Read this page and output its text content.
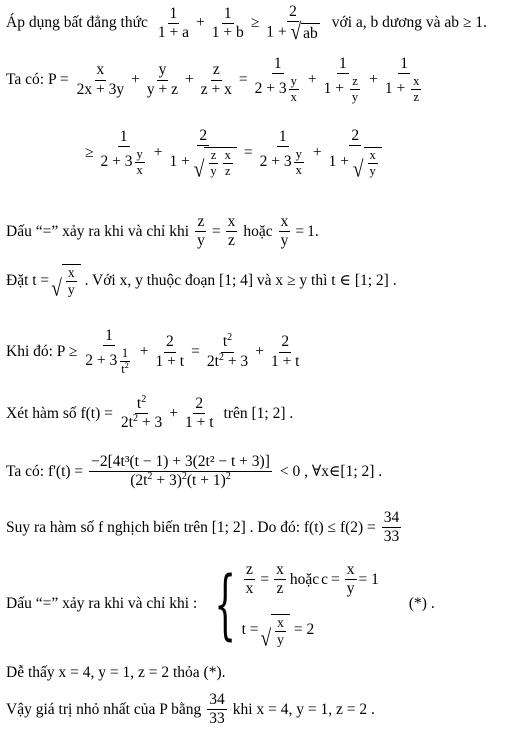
Áp dụng bất đẳng thức $\frac{1}{1 + a} + \frac{1}{1 + b} \ge \frac{2}{1 + √ ab}$ với a, b dương và ab ≥ 1.
Ta có: $P = \frac{x}{2x + 3y} + \frac{y}{y + z} + \frac{z}{z + x} = \frac{1}{2 + 3 \frac{y}{x}} + \frac{1}{1 + \frac{z}{y}} + \frac{1}{1 + \frac{x}{z}}$
≥ $\frac{1}{2 + 3 \frac{y}{x}} + \frac{2}{1 + √ \frac{z}{y} \frac{x}{z}} = \frac{1}{2 + 3 \frac{y}{x}} + \frac{2}{1 + √ \frac{x}{y}}$
Dấu “=” xảy ra khi và chỉ khi $\frac{z}{y} = \frac{x}{z}$ hoặc $\frac{x}{y} = 1$.
Đặt t = √ $\frac{x}{y}$ . Với x, y thuộc đoạn [1; 4] và x ≥ y thì t ∈ [1; 2] .
Khi đó: $P \ge \frac{1}{2 + 3 \frac{1}{t^2}} + \frac{2}{1 + t} = \frac{t^2}{2t^2 + 3} + \frac{2}{1 + t}$
Xét hàm số $f(t) = \frac{t^2}{2t^2 + 3} + \frac{2}{1 + t}$ trên [1; 2] .
Ta có: $f'(t) = \frac{\text{−2[4t³(t − 1) + 3(2t² − t + 3)]}}{(2t^2 + 3)^2(t + 1)^2} < 0$ , ∀x∈[1; 2] .
Suy ra hàm số f nghịch biến trên [1; 2] . Do đó: $f(t) \le f(2) = \frac{34}{33}$
Dấu “=” xảy ra khi và chỉ khi : { $\frac{z}{x} = \frac{x}{z}$ hoặc $c = \frac{x}{y} = 1$
t = √ $\frac{x}{y} = 2$
(*) .
Dễ thấy x = 4, y = 1, z = 2 thỏa (*).
Vậy giá trị nhỏ nhất của P bằng $\frac{34}{33}$ khi x = 4, y = 1, z = 2 .
